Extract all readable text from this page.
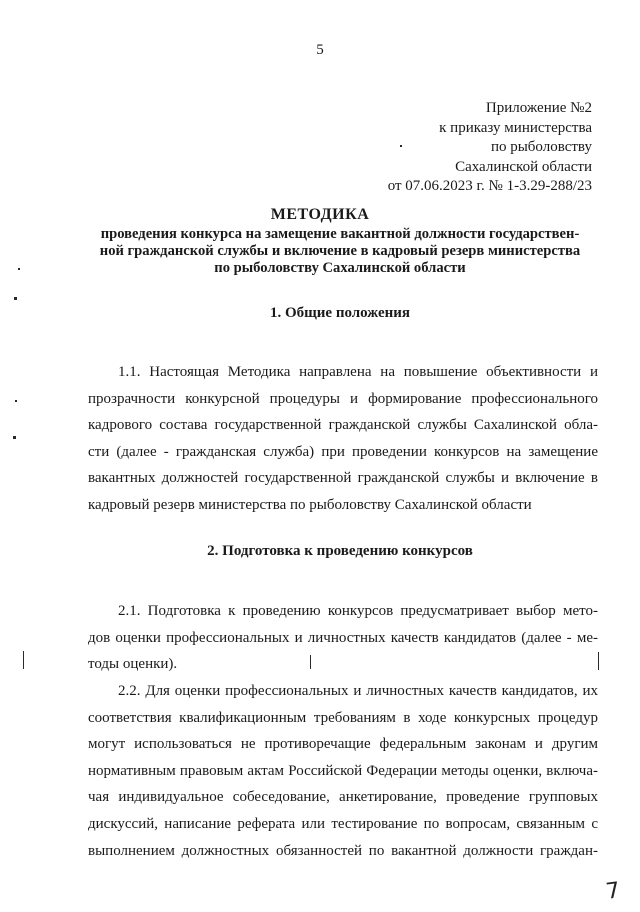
5
Приложение №2
к приказу министерства
по рыболовству
Сахалинской области
от 07.06.2023 г. № 1-3.29-288/23
МЕТОДИКА
проведения конкурса на замещение вакантной должности государствен-
ной гражданской службы и включение в кадровый резерв министерства
по рыболовству Сахалинской области
1. Общие положения
1.1. Настоящая Методика направлена на повышение объективности и
прозрачности конкурсной процедуры и формирование профессионального
кадрового состава государственной гражданской службы Сахалинской обла-
сти (далее - гражданская служба) при проведении конкурсов на замещение
вакантных должностей государственной гражданской службы и включение в
кадровый резерв министерства по рыболовству Сахалинской области
2. Подготовка к проведению конкурсов
2.1. Подготовка к проведению конкурсов предусматривает выбор мето-
дов оценки профессиональных и личностных качеств кандидатов (далее - ме-
тоды оценки).
2.2. Для оценки профессиональных и личностных качеств кандидатов, их
соответствия квалификационным требованиям в ходе конкурсных процедур
могут использоваться не противоречащие федеральным законам и другим
нормативным правовым актам Российской Федерации методы оценки, включа-
чая индивидуальное собеседование, анкетирование, проведение групповых
дискуссий, написание реферата или тестирование по вопросам, связанным с
выполнением должностных обязанностей по вакантной должности граждан-
7
